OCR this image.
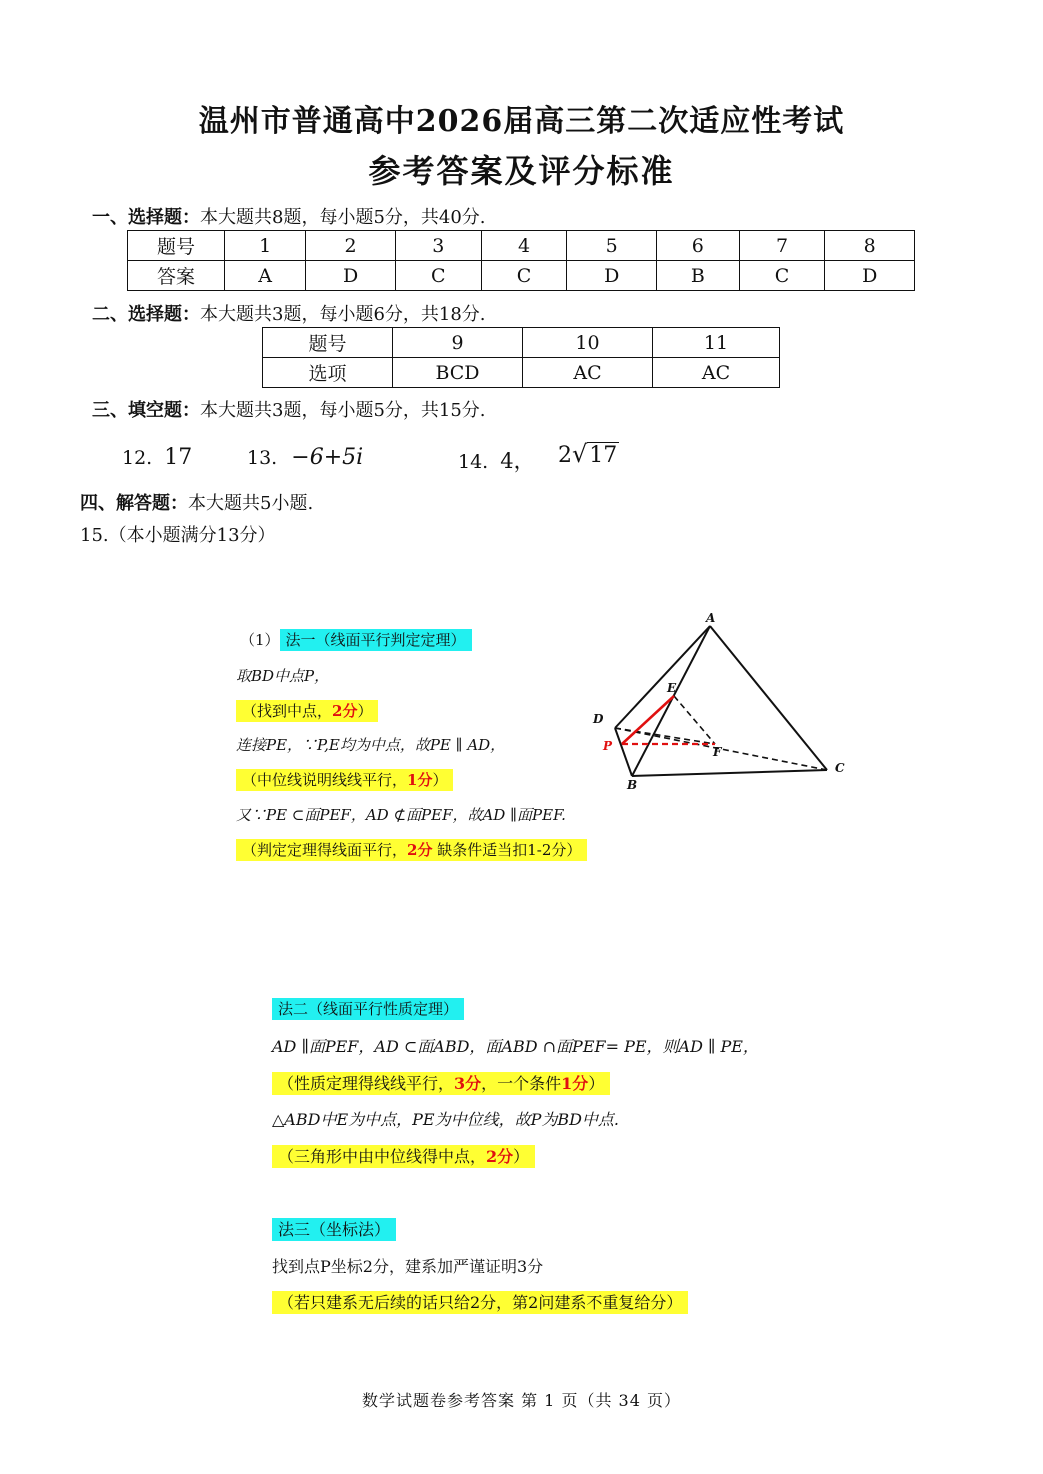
温州市普通高中2026届高三第二次适应性考试
参考答案及评分标准
一、选择题：本大题共8题，每小题5分，共40分.
题号	1	2	3	4	5	6	7	8
答案	A	D	C	C	D	B	C	D
二、选择题：本大题共3题，每小题6分，共18分.
题号	9	10	11
选项	BCD	AC	AC
三、填空题：本大题共3题，每小题5分，共15分.
12. 17	13. −6+5i	14. 4， 2√17
四、解答题：本大题共5小题.
15.（本小题满分13分）
（1） 法一（线面平行判定定理）
取BD中点P，
（找到中点，2分）
连接PE，∵P,E均为中点，故PE ∥ AD，
（中位线说明线线平行，1分）
又∵PE ⊂面PEF，AD ⊄面PEF，故AD ∥面PEF.
（判定定理得线面平行，2分 缺条件适当扣1-2分）
A
E
D
P	F
B
C
法二（线面平行性质定理）
AD ∥面PEF，AD ⊂面ABD，面ABD ∩面PEF= PE，则AD ∥ PE，
（性质定理得线线平行，3分，一个条件1分）
△ABD中E为中点，PE为中位线，故P为BD中点.
（三角形中由中位线得中点，2分）
法三（坐标法）
找到点P坐标2分，建系加严谨证明3分
（若只建系无后续的话只给2分，第2问建系不重复给分）
数学试题卷参考答案 第 1 页（共 34 页）
